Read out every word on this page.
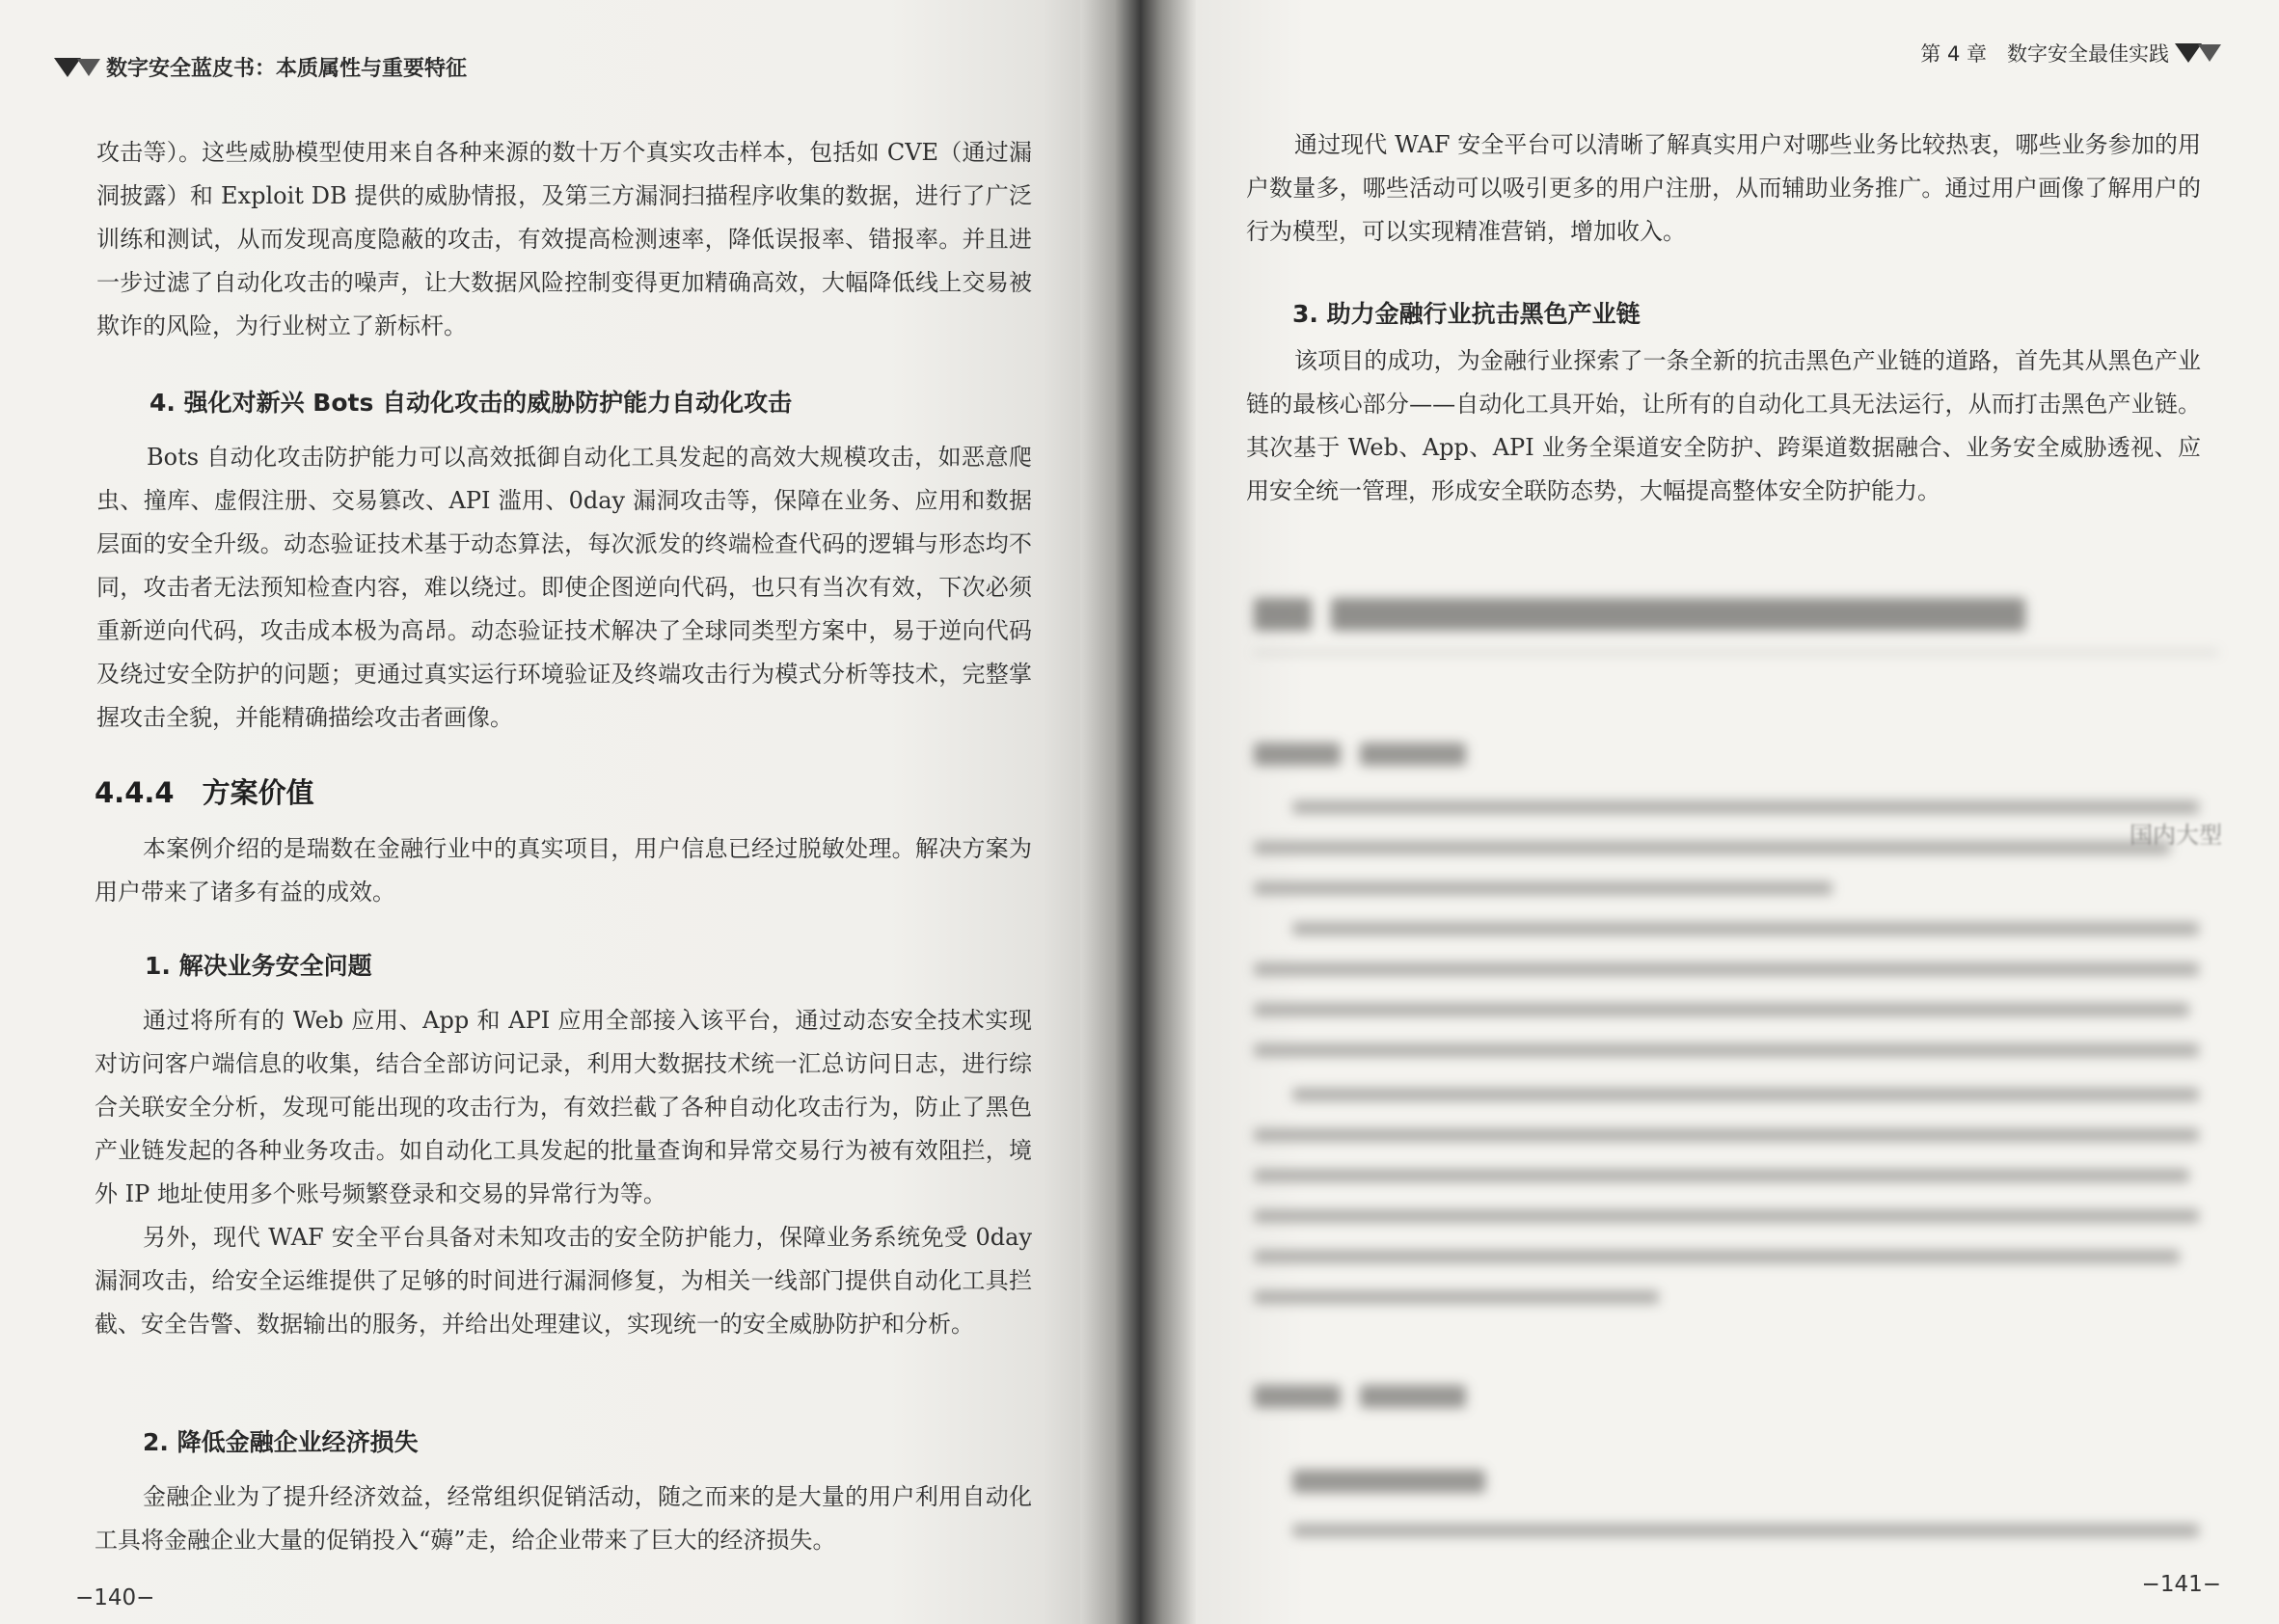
数字安全蓝皮书：本质属性与重要特征
攻击等）。这些威胁模型使用来自各种来源的数十万个真实攻击样本，包括如 CVE（通过漏洞披露）和 Exploit DB 提供的威胁情报，及第三方漏洞扫描程序收集的数据，进行了广泛训练和测试，从而发现高度隐蔽的攻击，有效提高检测速率，降低误报率、错报率。并且进一步过滤了自动化攻击的噪声，让大数据风险控制变得更加精确高效，大幅降低线上交易被欺诈的风险，为行业树立了新标杆。
4. 强化对新兴 Bots 自动化攻击的威胁防护能力自动化攻击
Bots 自动化攻击防护能力可以高效抵御自动化工具发起的高效大规模攻击，如恶意爬虫、撞库、虚假注册、交易篡改、API 滥用、0day 漏洞攻击等，保障在业务、应用和数据层面的安全升级。动态验证技术基于动态算法，每次派发的终端检查代码的逻辑与形态均不同，攻击者无法预知检查内容，难以绕过。即使企图逆向代码，也只有当次有效，下次必须重新逆向代码，攻击成本极为高昂。动态验证技术解决了全球同类型方案中，易于逆向代码及绕过安全防护的问题；更通过真实运行环境验证及终端攻击行为模式分析等技术，完整掌握攻击全貌，并能精确描绘攻击者画像。
4.4.4　方案价值
本案例介绍的是瑞数在金融行业中的真实项目，用户信息已经过脱敏处理。解决方案为用户带来了诸多有益的成效。
1. 解决业务安全问题
通过将所有的 Web 应用、App 和 API 应用全部接入该平台，通过动态安全技术实现对访问客户端信息的收集，结合全部访问记录，利用大数据技术统一汇总访问日志，进行综合关联安全分析，发现可能出现的攻击行为，有效拦截了各种自动化攻击行为，防止了黑色产业链发起的各种业务攻击。如自动化工具发起的批量查询和异常交易行为被有效阻拦，境外 IP 地址使用多个账号频繁登录和交易的异常行为等。
另外，现代 WAF 安全平台具备对未知攻击的安全防护能力，保障业务系统免受 0day 漏洞攻击，给安全运维提供了足够的时间进行漏洞修复，为相关一线部门提供自动化工具拦截、安全告警、数据输出的服务，并给出处理建议，实现统一的安全威胁防护和分析。
2. 降低金融企业经济损失
金融企业为了提升经济效益，经常组织促销活动，随之而来的是大量的用户利用自动化工具将金融企业大量的促销投入“薅”走，给企业带来了巨大的经济损失。
−140−
第 4 章　数字安全最佳实践
通过现代 WAF 安全平台可以清晰了解真实用户对哪些业务比较热衷，哪些业务参加的用户数量多，哪些活动可以吸引更多的用户注册，从而辅助业务推广。通过用户画像了解用户的行为模型，可以实现精准营销，增加收入。
3. 助力金融行业抗击黑色产业链
该项目的成功，为金融行业探索了一条全新的抗击黑色产业链的道路，首先其从黑色产业链的最核心部分——自动化工具开始，让所有的自动化工具无法运行，从而打击黑色产业链。其次基于 Web、App、API 业务全渠道安全防护、跨渠道数据融合、业务安全威胁透视、应用安全统一管理，形成安全联防态势，大幅提高整体安全防护能力。
国内大型
−141−
